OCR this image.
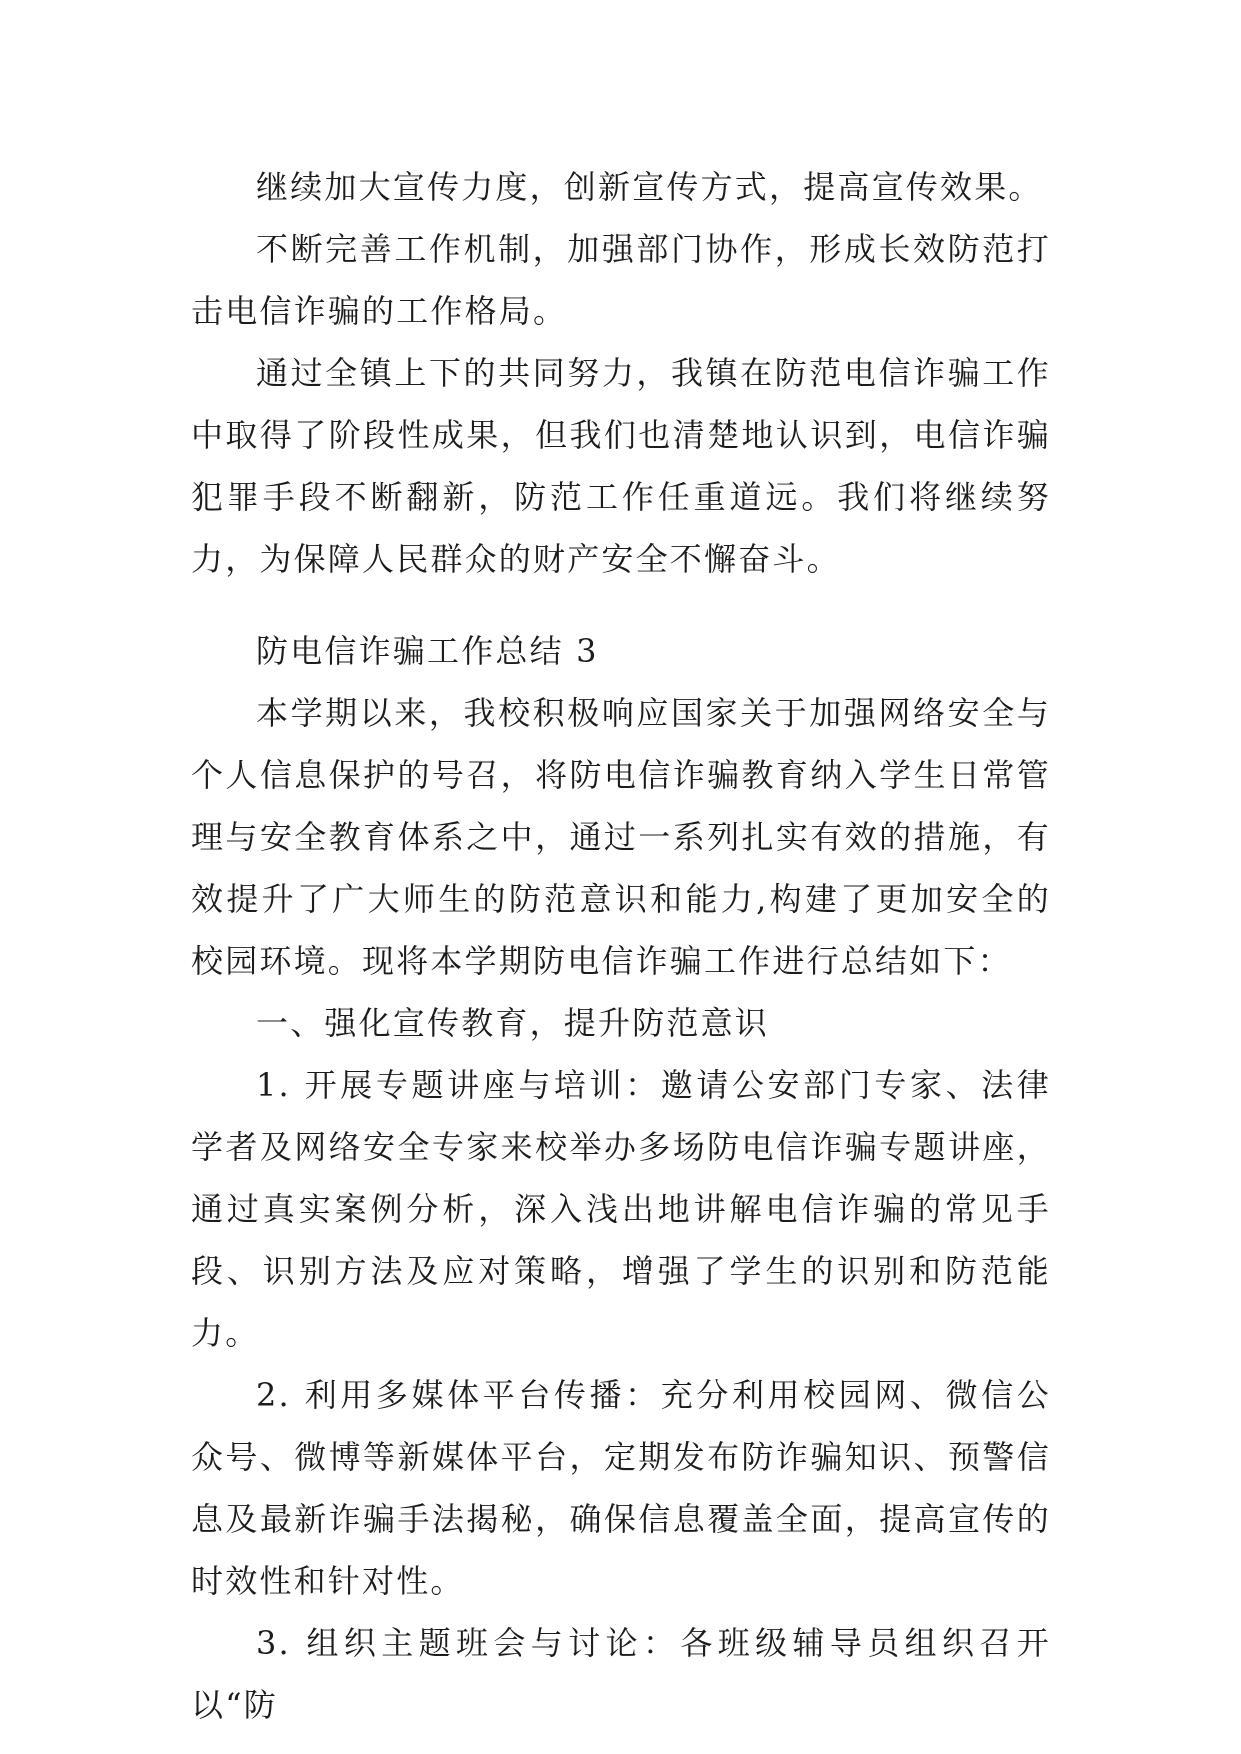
继续加大宣传力度，创新宣传方式，提高宣传效果。

不断完善工作机制，加强部门协作，形成长效防范打击电信诈骗的工作格局。

通过全镇上下的共同努力，我镇在防范电信诈骗工作中取得了阶段性成果，但我们也清楚地认识到，电信诈骗犯罪手段不断翻新，防范工作任重道远。我们将继续努力，为保障人民群众的财产安全不懈奋斗。

防电信诈骗工作总结 3

本学期以来，我校积极响应国家关于加强网络安全与个人信息保护的号召，将防电信诈骗教育纳入学生日常管理与安全教育体系之中，通过一系列扎实有效的措施，有效提升了广大师生的防范意识和能力,构建了更加安全的校园环境。现将本学期防电信诈骗工作进行总结如下：

一、强化宣传教育，提升防范意识

1. 开展专题讲座与培训：邀请公安部门专家、法律学者及网络安全专家来校举办多场防电信诈骗专题讲座，通过真实案例分析，深入浅出地讲解电信诈骗的常见手段、识别方法及应对策略，增强了学生的识别和防范能力。

2. 利用多媒体平台传播：充分利用校园网、微信公众号、微博等新媒体平台，定期发布防诈骗知识、预警信息及最新诈骗手法揭秘，确保信息覆盖全面，提高宣传的时效性和针对性。

3. 组织主题班会与讨论：各班级辅导员组织召开以“防
